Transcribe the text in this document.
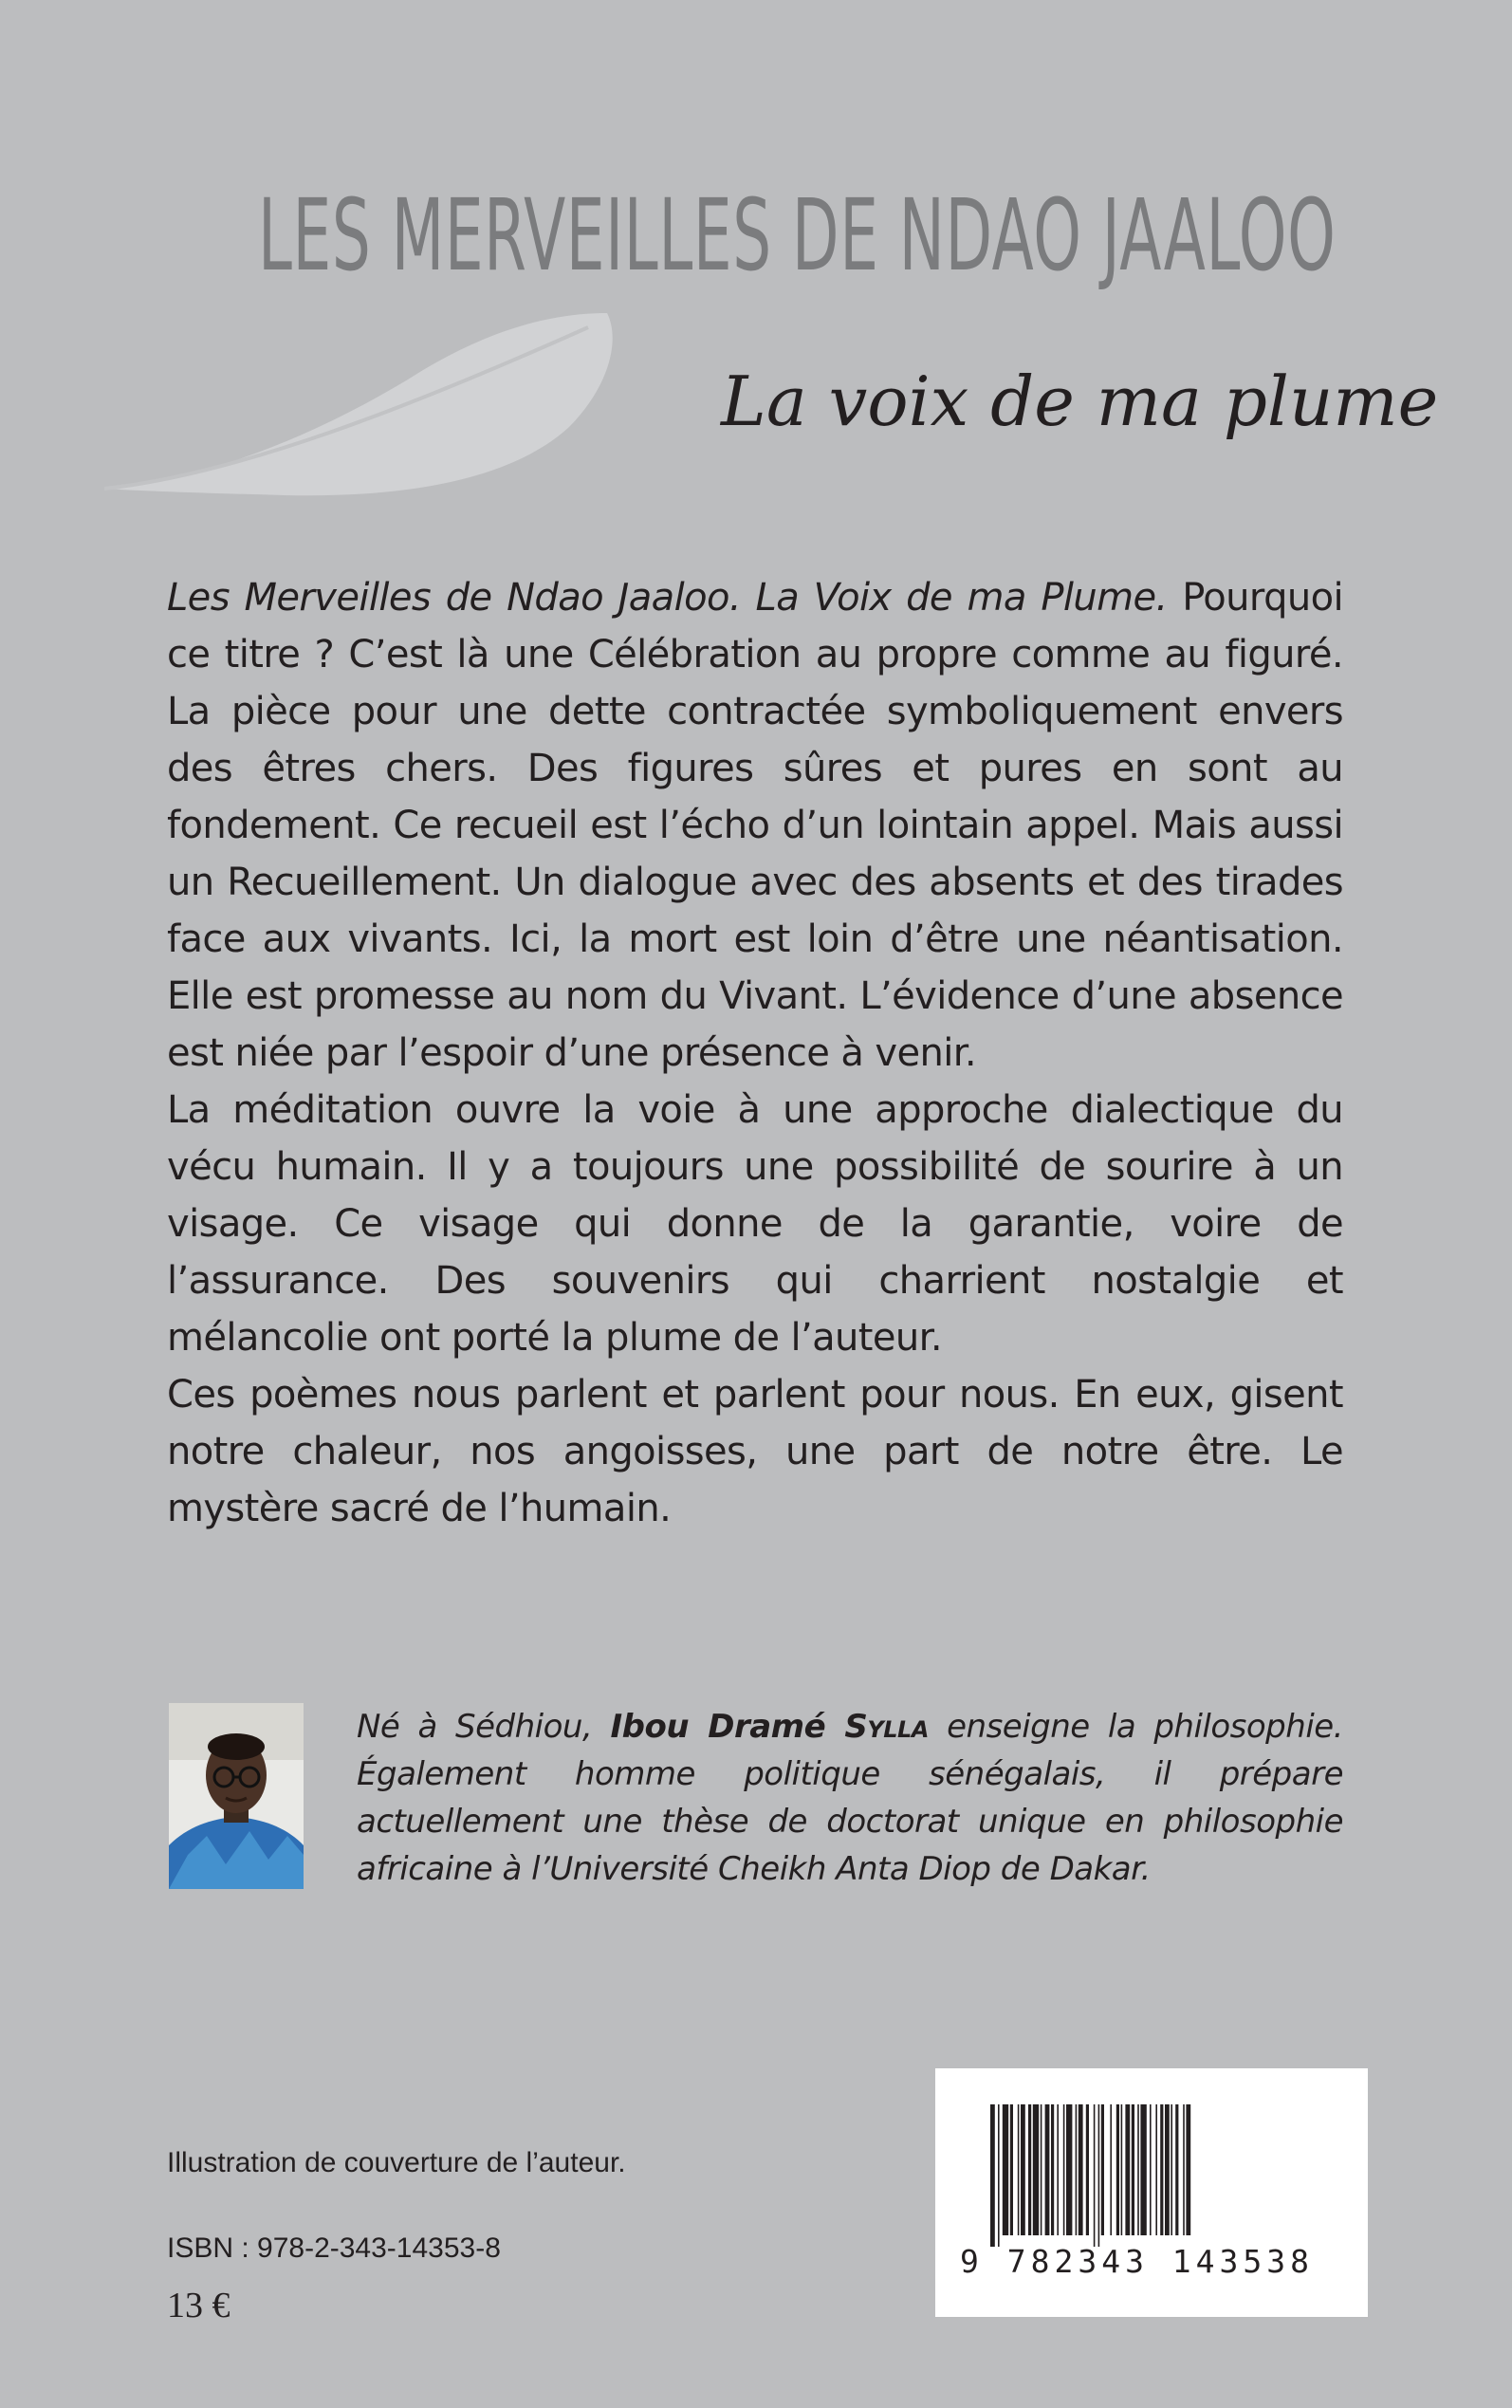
LES MERVEILLES DE NDAO JAALOO
La voix de ma plume

Les Merveilles de Ndao Jaaloo. La Voix de ma Plume. Pourquoi ce titre ? C’est là une Célébration au propre comme au figuré. La pièce pour une dette contractée symboliquement envers des êtres chers. Des figures sûres et pures en sont au fondement. Ce recueil est l’écho d’un lointain appel. Mais aussi un Recueillement. Un dialogue avec des absents et des tirades face aux vivants. Ici, la mort est loin d’être une néantisation. Elle est promesse au nom du Vivant. L’évidence d’une absence est niée par l’espoir d’une présence à venir.

La méditation ouvre la voie à une approche dialectique du vécu humain. Il y a toujours une possibilité de sourire à un visage. Ce visage qui donne de la garantie, voire de l’assurance. Des souvenirs qui charrient nostalgie et mélancolie ont porté la plume de l’auteur.

Ces poèmes nous parlent et parlent pour nous. En eux, gisent notre chaleur, nos angoisses, une part de notre être. Le mystère sacré de l’humain.

Né à Sédhiou, Ibou Dramé Sylla enseigne la philosophie. Également homme politique sénégalais, il prépare actuellement une thèse de doctorat unique en philosophie africaine à l’Université Cheikh Anta Diop de Dakar.
Illustration de couverture de l’auteur.
ISBN : 978-2-343-14353-8
13 €
9 782343 143538
